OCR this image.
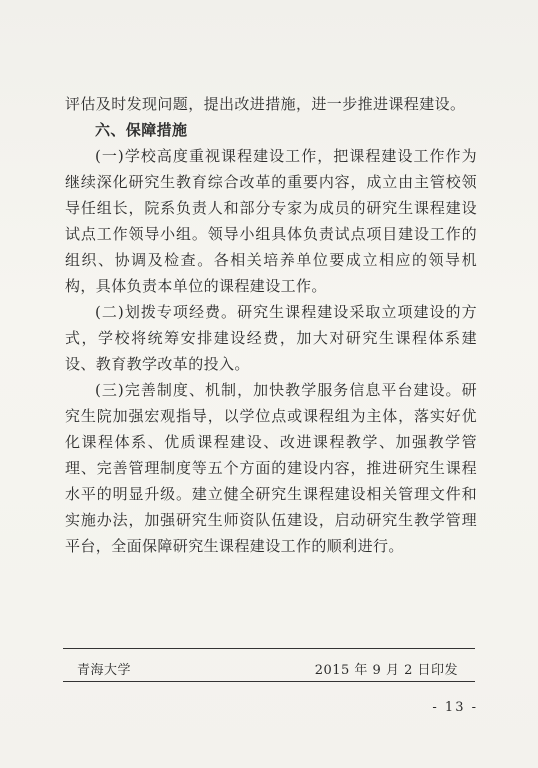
评估及时发现问题，提出改进措施，进一步推进课程建设。

六、保障措施

(一)学校高度重视课程建设工作，把课程建设工作作为继续深化研究生教育综合改革的重要内容，成立由主管校领导任组长，院系负责人和部分专家为成员的研究生课程建设试点工作领导小组。领导小组具体负责试点项目建设工作的组织、协调及检查。各相关培养单位要成立相应的领导机构，具体负责本单位的课程建设工作。

(二)划拨专项经费。研究生课程建设采取立项建设的方式，学校将统筹安排建设经费，加大对研究生课程体系建设、教育教学改革的投入。

(三)完善制度、机制，加快教学服务信息平台建设。研究生院加强宏观指导，以学位点或课程组为主体，落实好优化课程体系、优质课程建设、改进课程教学、加强教学管理、完善管理制度等五个方面的建设内容，推进研究生课程水平的明显升级。建立健全研究生课程建设相关管理文件和实施办法，加强研究生师资队伍建设，启动研究生教学管理平台，全面保障研究生课程建设工作的顺利进行。

青海大学	2015 年 9 月 2 日印发
- 13 -
